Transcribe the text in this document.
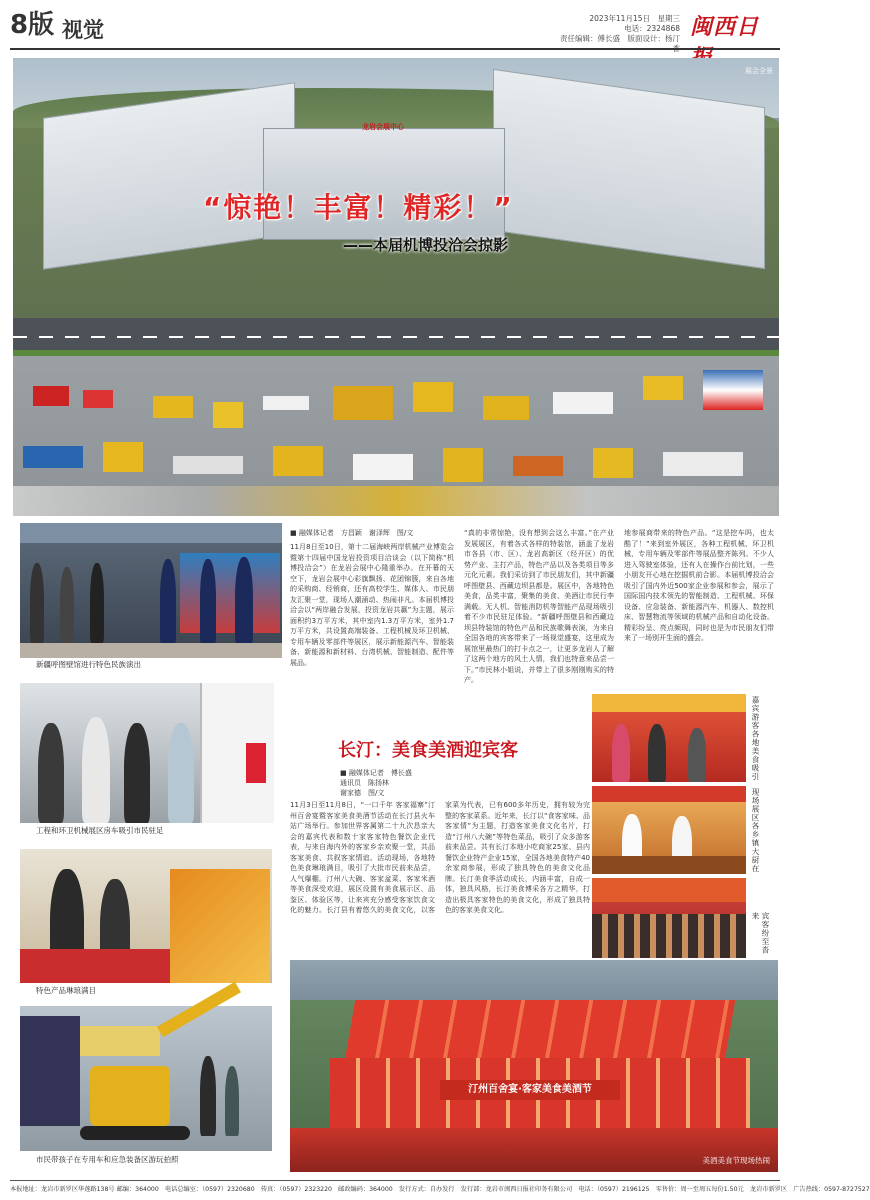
8版 视觉	2023年11月15日　星期三
电话：2324868
责任编辑：傅长盛　版面设计：杨汀 闽西日
龙岩会展中心
“惊艳！丰富！精彩！”
——本届机博投洽会掠影
展会全景
新疆呼图壁馆进行特色民族演出
工程和环卫机械展区房车吸引市民驻足
特色产品琳琅满目
市民带孩子在专用车和应急装备区游玩拍照
■ 融媒体记者　方昌颖　谢泽辉　图/文
11月8日至10日，第十二届海峡两岸机械产业博览会暨第十四届中国龙岩投资项目洽谈会（以下简称“机博投洽会”）在龙岩会展中心隆重举办。在开幕的天空下，龙岩会展中心彩旗飘扬、花团锦簇，来自各地的采购商、经销商，还有高校学生、媒体人、市民朋友汇聚一堂，现场人潮涌动、热闹非凡。本届机博投洽会以“两岸融合发展，投资龙岩共赢”为主题，展示面积约3万平方米，其中室内1.3万平方米，室外1.7万平方米，共设置高端装备、工程机械及环卫机械、专用车辆及零部件等展区，展示新能源汽车、智能装备、新能源和新材料、台湾机械、智能制造、配件等展品。
“真的非常惊艳，没有想到会这么丰富。”在产业发展展区，有着各式各样的特装馆，涵盖了龙岩市各县（市、区）、龙岩高新区（经开区）的优势产业、主打产品，特色产品以及各类项目等多元化元素。我们采访到了市民朋友们，其中新疆呼图壁县、西藏边坝县都是。展区中，各地特色美食，品类丰富，聚集的美食、美酒让市民行李满载。无人机、智能消防机等智能产品现场吸引着不少市民驻足体验。“新疆呼图壁县和西藏边坝县特装馆的特色产品和民族歌舞表演，为来自全国各地的宾客带来了一场视觉盛宴，这里成为展馆里最热门的打卡点之一，让更多龙岩人了解了这两个地方的风土人情，我们也特意来品尝一下。”市民林小姐说，并带上了很多刚刚购买的特产。
地参展商带来的特色产品。“这是挖车吗，也太酷了！”来到室外展区，各种工程机械、环卫机械、专用车辆及零部件等展品整齐陈列。不少人进入驾驶室体验，还有人在操作台前比划，一些小朋友开心地在挖掘机前合影。本届机博投洽会吸引了国内外近500家企业参展和参会，展示了国际国内技术领先的智能制造、工程机械、环保设备、应急装备、新能源汽车、机器人、数控机床、智慧物流等领域的机械产品和自动化设备。精彩纷呈、亮点频现，同时也是为市民朋友们带来了一场别开生面的盛会。
长汀：美食美酒迎宾客
■ 融媒体记者　傅长盛
通讯员　陈扬林
谢家德　图/文
11月3日至11月8日，“一口千年 客家福寨”汀州百舍宴暨客家美食美酒节活动在长汀县火车站广场举行。参加世界客属第二十九次恳亲大会的嘉宾代表和数十家客家特色餐饮企业代表，与来自海内外的客家乡亲欢聚一堂，共品客家美食、共叙客家情谊。活动现场，各地特色美食琳琅满目，吸引了大批市民前来品尝，人气爆棚。汀州八大碗、客家盆菜、客家米酒等美食深受欢迎，展区设置有美食展示区、品鉴区、体验区等，让来宾充分感受客家饮食文化的魅力。长汀县有着悠久的美食文化，以客家菜为代表，已有600多年历史，拥有较为完整的客家菜系。近年来，长汀以“食客家味、品客家情”为主题，打造客家美食文化名片，打造“汀州八大碗”等特色菜品，吸引了众多游客前来品尝。共有长汀本地小吃商家25家、县内餐饮企业特产企业15家，全国各地美食特产40余家商参展，形成了独具特色的美食文化品牌。长汀美食季活动成长，内涵丰富，自成一体，独具风格，长汀美食博采各方之精华，打造出极具客家特色的美食文化，形成了独具特色的客家美食文化。
嘉宾游客各地美食吸引
现场展区各乡镇大厨在
宾客纷至沓来
汀州百舍宴·客家美食美酒节
美酒美食节现场热闹
本报地址：龙岩市新罗区华莲路138号 邮编：364000　电话总编室：（0597）2320680　传真：（0597）2323220　邮政编码：364000　发行方式：自办发行　发行部：龙岩市闽西日报社印务有限公司　电话：（0597）2196125　零售价：周一至周五每份1.50元　龙岩市新罗区　广告热线：0597-8727527
